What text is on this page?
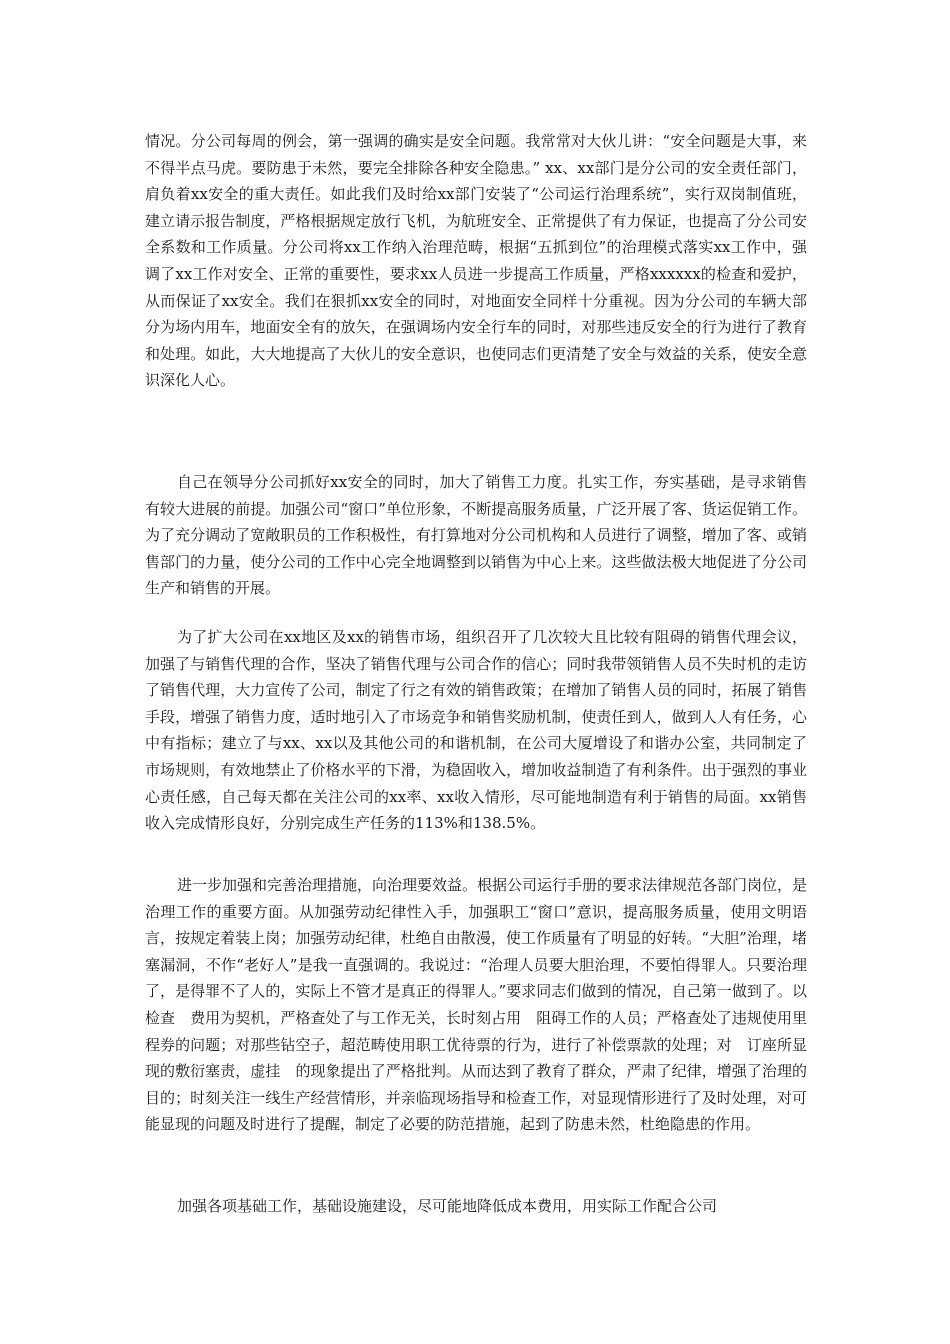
情况。分公司每周的例会，第一强调的确实是安全问题。我常常对大伙儿讲：“安全问题是大事，来不得半点马虎。要防患于未然，要完全排除各种安全隐患。” xx、xx部门是分公司的安全责任部门，肩负着xx安全的重大责任。如此我们及时给xx部门安装了“公司运行治理系统”，实行双岗制值班，建立请示报告制度，严格根据规定放行飞机，为航班安全、正常提供了有力保证，也提高了分公司安全系数和工作质量。分公司将xx工作纳入治理范畴，根据“五抓到位”的治理模式落实xx工作中，强调了xx工作对安全、正常的重要性，要求xx人员进一步提高工作质量，严格xxxxxx的检查和爱护，从而保证了xx安全。我们在狠抓xx安全的同时，对地面安全同样十分重视。因为分公司的车辆大部分为场内用车，地面安全有的放矢，在强调场内安全行车的同时，对那些违反安全的行为进行了教育和处理。如此，大大地提高了大伙儿的安全意识，也使同志们更清楚了安全与效益的关系，使安全意识深化人心。

自己在领导分公司抓好xx安全的同时，加大了销售工力度。扎实工作，夯实基础，是寻求销售有较大进展的前提。加强公司“窗口”单位形象，不断提高服务质量，广泛开展了客、货运促销工作。为了充分调动了宽敞职员的工作积极性，有打算地对分公司机构和人员进行了调整，增加了客、或销售部门的力量，使分公司的工作中心完全地调整到以销售为中心上来。这些做法极大地促进了分公司生产和销售的开展。

为了扩大公司在xx地区及xx的销售市场，组织召开了几次较大且比较有阻碍的销售代理会议，加强了与销售代理的合作，坚决了销售代理与公司合作的信心；同时我带领销售人员不失时机的走访了销售代理，大力宣传了公司，制定了行之有效的销售政策；在增加了销售人员的同时，拓展了销售手段，增强了销售力度，适时地引入了市场竞争和销售奖励机制，使责任到人，做到人人有任务，心中有指标；建立了与xx、xx以及其他公司的和谐机制，在公司大厦增设了和谐办公室，共同制定了市场规则，有效地禁止了价格水平的下滑，为稳固收入，增加收益制造了有利条件。出于强烈的事业心责任感，自己每天都在关注公司的xx率、xx收入情形，尽可能地制造有利于销售的局面。xx销售收入完成情形良好，分别完成生产任务的113%和138.5%。

进一步加强和完善治理措施，向治理要效益。根据公司运行手册的要求法律规范各部门岗位，是治理工作的重要方面。从加强劳动纪律性入手，加强职工“窗口”意识，提高服务质量，使用文明语言，按规定着装上岗；加强劳动纪律，杜绝自由散漫，使工作质量有了明显的好转。“大胆”治理，堵塞漏洞，不作“老好人”是我一直强调的。我说过：“治理人员要大胆治理，不要怕得罪人。只要治理了，是得罪不了人的，实际上不管才是真正的得罪人。”要求同志们做到的情况，自己第一做到了。以检查　费用为契机，严格查处了与工作无关，长时刻占用　阻碍工作的人员；严格查处了违规使用里程券的问题；对那些钻空子，超范畴使用职工优待票的行为，进行了补偿票款的处理；对　订座所显现的敷衍塞责，虚挂　的现象提出了严格批判。从而达到了教育了群众，严肃了纪律，增强了治理的目的；时刻关注一线生产经营情形，并亲临现场指导和检查工作，对显现情形进行了及时处理，对可能显现的问题及时进行了提醒，制定了必要的防范措施，起到了防患未然，杜绝隐患的作用。

加强各项基础工作，基础设施建设，尽可能地降低成本费用，用实际工作配合公司
